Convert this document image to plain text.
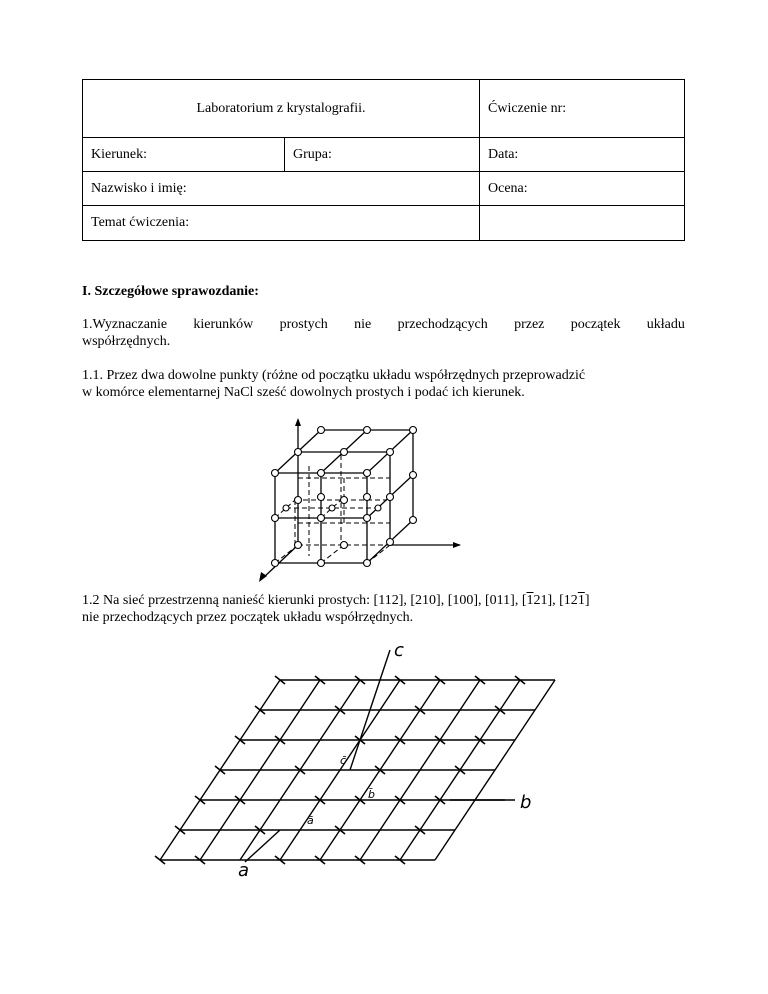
Laboratorium z krystalografii.		Ćwiczenie nr:
Kierunek:	Grupa:	Data:
Nazwisko i imię:		Ocena:
Temat ćwiczenia:		
I. Szczegółowe sprawozdanie:
1.Wyznaczanie kierunków prostych nie przechodzących przez początek układu
współrzędnych.
1.1. Przez dwa dowolne punkty (różne od początku układu współrzędnych przeprowadzić
w komórce elementarnej NaCl sześć dowolnych prostych i podać ich kierunek.
1.2 Na sieć przestrzenną nanieść kierunki prostych: [112], [210], [100], [011], [121], [121]
nie przechodzących przez początek układu współrzędnych.
c
b
a
c̄
b̄
ā
